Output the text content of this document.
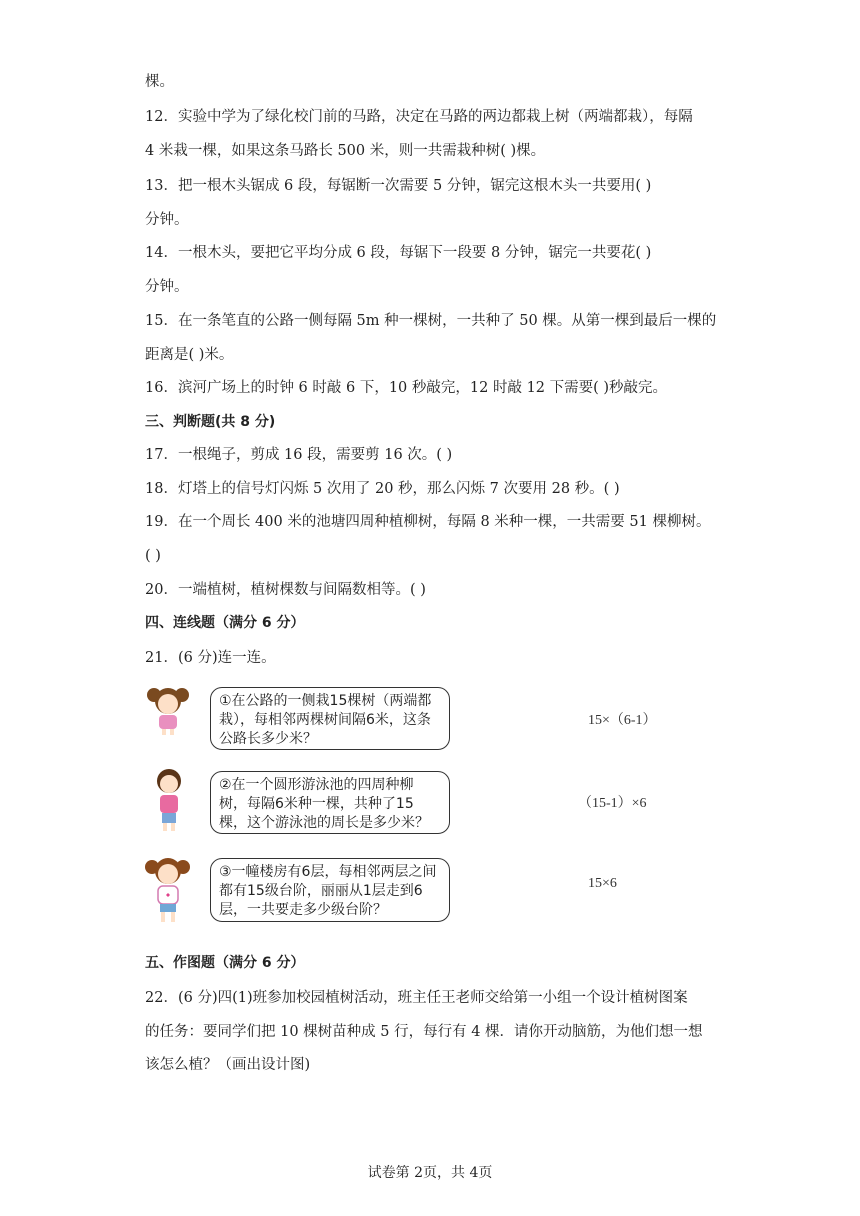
棵。
12．实验中学为了绿化校门前的马路，决定在马路的两边都栽上树（两端都栽），每隔
4 米栽一棵，如果这条马路长 500 米，则一共需栽种树( )棵。
13．把一根木头锯成 6 段，每锯断一次需要 5 分钟，锯完这根木头一共要用( )
分钟。
14．一根木头，要把它平均分成 6 段，每锯下一段要 8 分钟，锯完一共要花( )
分钟。
15．在一条笔直的公路一侧每隔 5m 种一棵树，一共种了 50 棵。从第一棵到最后一棵的
距离是( )米。
16．滨河广场上的时钟 6 时敲 6 下，10 秒敲完，12 时敲 12 下需要( )秒敲完。
三、判断题(共 8 分)
17．一根绳子，剪成 16 段，需要剪 16 次。( )
18．灯塔上的信号灯闪烁 5 次用了 20 秒，那么闪烁 7 次要用 28 秒。( )
19．在一个周长 400 米的池塘四周种植柳树，每隔 8 米种一棵，一共需要 51 棵柳树。
( )
20．一端植树，植树棵数与间隔数相等。( )
四、连线题（满分 6 分）
21．(6 分)连一连。
①在公路的一侧栽15棵树（两端都栽），每相邻两棵树间隔6米，这条公路长多少米？
15×（6-1）
②在一个圆形游泳池的四周种柳树，每隔6米种一棵，共种了15棵，这个游泳池的周长是多少米？
（15-1）×6
③一幢楼房有6层，每相邻两层之间都有15级台阶，丽丽从1层走到6层，一共要走多少级台阶？
15×6
五、作图题（满分 6 分）
22．(6 分)四(1)班参加校园植树活动，班主任王老师交给第一小组一个设计植树图案
的任务：要同学们把 10 棵树苗种成 5 行，每行有 4 棵．请你开动脑筋，为他们想一想
该怎么植？（画出设计图)
试卷第 2页，共 4页
